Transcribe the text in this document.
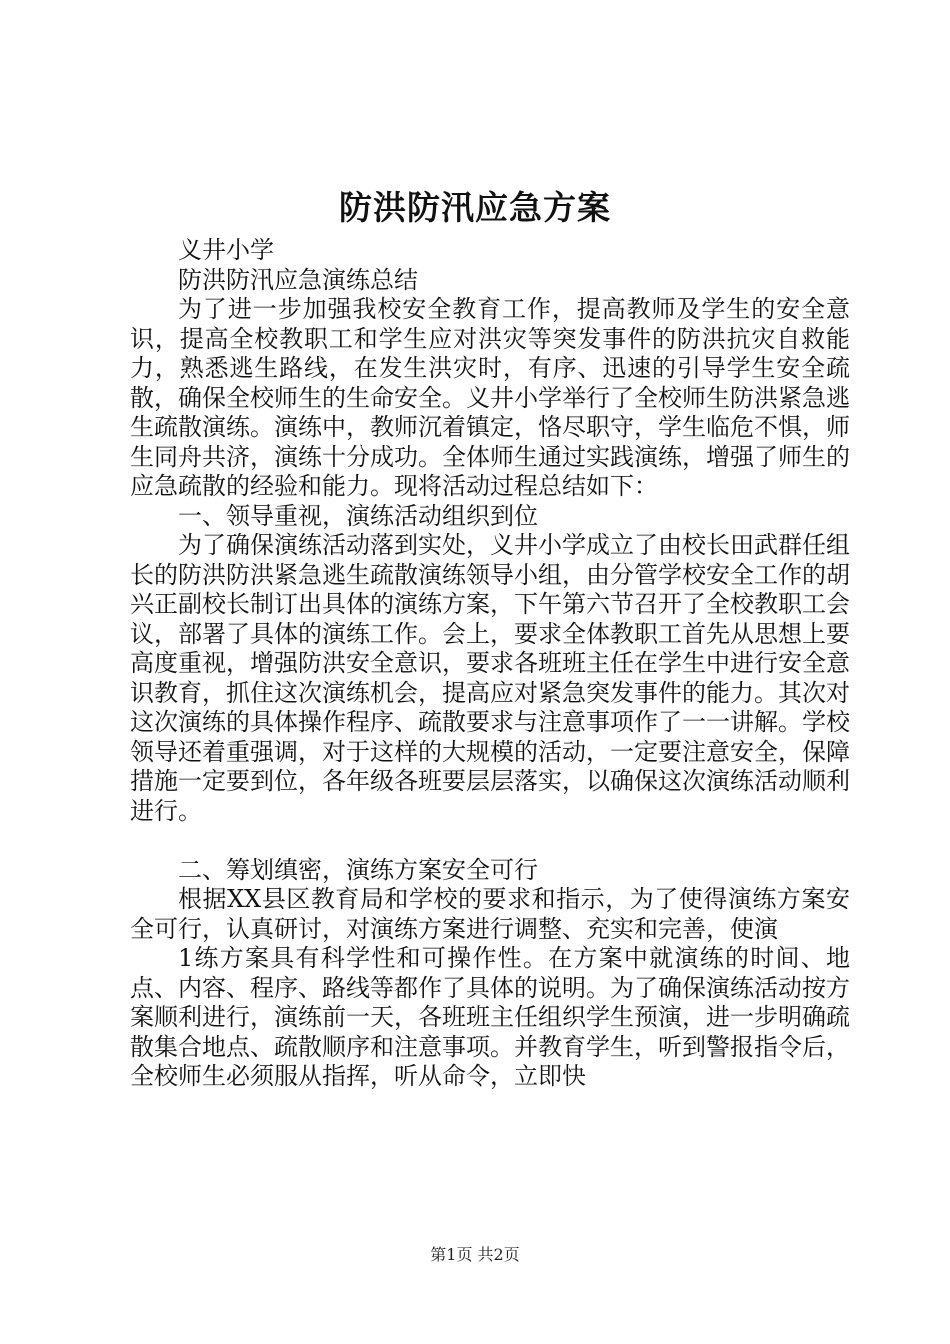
防洪防汛应急方案

义井小学

防洪防汛应急演练总结

为了进一步加强我校安全教育工作，提高教师及学生的安全意识，提高全校教职工和学生应对洪灾等突发事件的防洪抗灾自救能力，熟悉逃生路线，在发生洪灾时，有序、迅速的引导学生安全疏散，确保全校师生的生命安全。义井小学举行了全校师生防洪紧急逃生疏散演练。演练中，教师沉着镇定，恪尽职守，学生临危不惧，师生同舟共济，演练十分成功。全体师生通过实践演练，增强了师生的应急疏散的经验和能力。现将活动过程总结如下：

一、领导重视，演练活动组织到位

为了确保演练活动落到实处，义井小学成立了由校长田武群任组长的防洪防洪紧急逃生疏散演练领导小组，由分管学校安全工作的胡兴正副校长制订出具体的演练方案，下午第六节召开了全校教职工会议，部署了具体的演练工作。会上，要求全体教职工首先从思想上要高度重视，增强防洪安全意识，要求各班班主任在学生中进行安全意识教育，抓住这次演练机会，提高应对紧急突发事件的能力。其次对这次演练的具体操作程序、疏散要求与注意事项作了一一讲解。学校领导还着重强调，对于这样的大规模的活动，一定要注意安全，保障措施一定要到位，各年级各班要层层落实，以确保这次演练活动顺利进行。

二、筹划缜密，演练方案安全可行

根据XX县区教育局和学校的要求和指示，为了使得演练方案安全可行，认真研讨，对演练方案进行调整、充实和完善，使演

1练方案具有科学性和可操作性。在方案中就演练的时间、地点、内容、程序、路线等都作了具体的说明。为了确保演练活动按方案顺利进行，演练前一天，各班班主任组织学生预演，进一步明确疏散集合地点、疏散顺序和注意事项。并教育学生，听到警报指令后，全校师生必须服从指挥，听从命令，立即快

第1页 共2页
